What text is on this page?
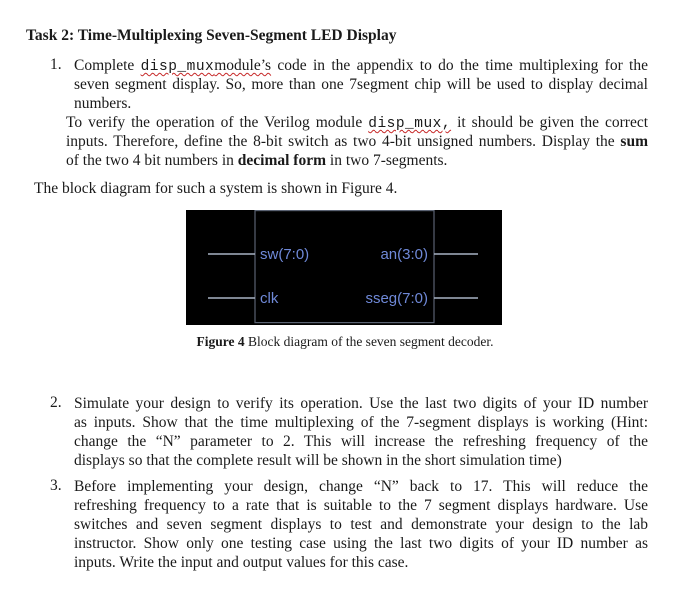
Task 2: Time-Multiplexing Seven-Segment LED Display
1. Complete disp_muxmodule’s code in the appendix to do the time multiplexing for the
seven segment display. So, more than one 7segment chip will be used to display decimal
numbers.
To verify the operation of the Verilog module disp_mux, it should be given the correct
inputs. Therefore, define the 8-bit switch as two 4-bit unsigned numbers. Display the sum
of the two 4 bit numbers in decimal form in two 7-segments.
The block diagram for such a system is shown in Figure 4.
sw(7:0)
clk
an(3:0)
sseg(7:0)
Figure 4 Block diagram of the seven segment decoder.
2. Simulate your design to verify its operation. Use the last two digits of your ID number
as inputs. Show that the time multiplexing of the 7-segment displays is working (Hint:
change the “N” parameter to 2. This will increase the refreshing frequency of the
displays so that the complete result will be shown in the short simulation time)
3. Before implementing your design, change “N” back to 17. This will reduce the
refreshing frequency to a rate that is suitable to the 7 segment displays hardware. Use
switches and seven segment displays to test and demonstrate your design to the lab
instructor. Show only one testing case using the last two digits of your ID number as
inputs. Write the input and output values for this case.
